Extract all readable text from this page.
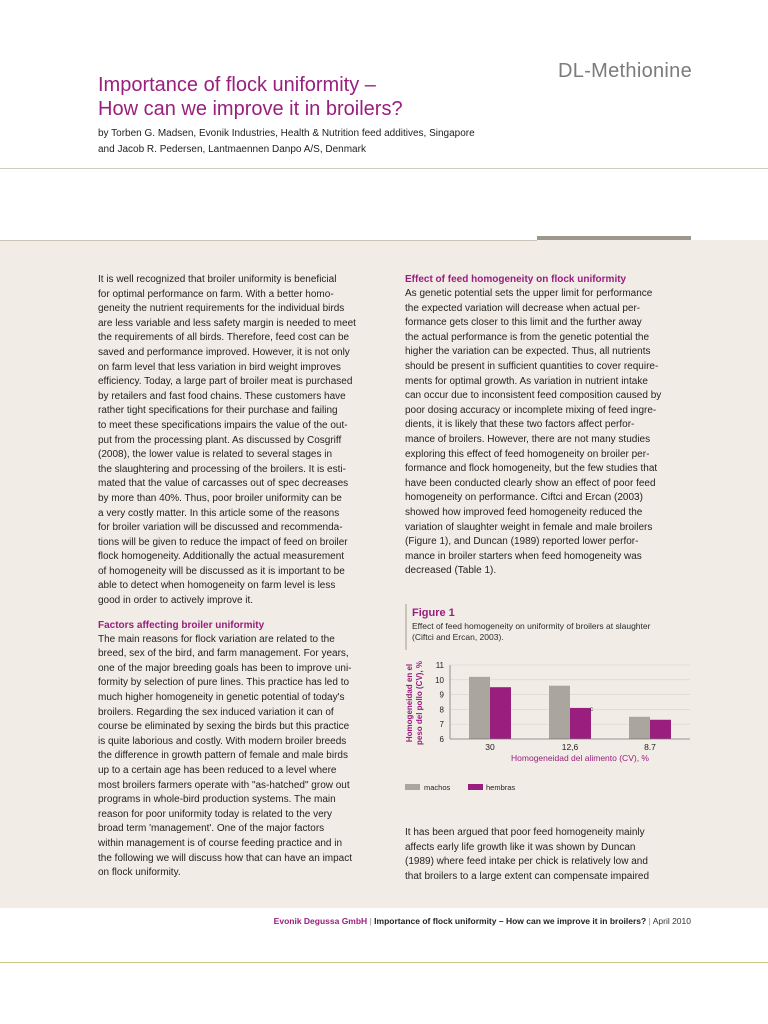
DL-Methionine
Importance of flock uniformity –
How can we improve it in broilers?
by Torben G. Madsen, Evonik Industries, Health & Nutrition feed additives, Singapore
and Jacob R. Pedersen, Lantmaennen Danpo A/S, Denmark
It is well recognized that broiler uniformity is beneficial
for optimal performance on farm. With a better homo-
geneity the nutrient requirements for the individual birds
are less variable and less safety margin is needed to meet
the requirements of all birds. Therefore, feed cost can be
saved and performance improved. However, it is not only
on farm level that less variation in bird weight improves
efficiency. Today, a large part of broiler meat is purchased
by retailers and fast food chains. These customers have
rather tight specifications for their purchase and failing
to meet these specifications impairs the value of the out-
put from the processing plant. As discussed by Cosgriff
(2008), the lower value is related to several stages in
the slaughtering and processing of the broilers. It is esti-
mated that the value of carcasses out of spec decreases
by more than 40%. Thus, poor broiler uniformity can be
a very costly matter. In this article some of the reasons
for broiler variation will be discussed and recommenda-
tions will be given to reduce the impact of feed on broiler
flock homogeneity. Additionally the actual measurement
of homogeneity will be discussed as it is important to be
able to detect when homogeneity on farm level is less
good in order to actively improve it.

Factors affecting broiler uniformity

The main reasons for flock variation are related to the
breed, sex of the bird, and farm management. For years,
one of the major breeding goals has been to improve uni-
formity by selection of pure lines. This practice has led to
much higher homogeneity in genetic potential of today's
broilers. Regarding the sex induced variation it can of
course be eliminated by sexing the birds but this practice
is quite laborious and costly. With modern broiler breeds
the difference in growth pattern of female and male birds
up to a certain age has been reduced to a level where
most broilers farmers operate with "as-hatched" grow out
programs in whole-bird production systems. The main
reason for poor uniformity today is related to the very
broad term 'management'. One of the major factors
within management is of course feeding practice and in
the following we will discuss how that can have an impact
on flock uniformity.

Effect of feed homogeneity on flock uniformity

As genetic potential sets the upper limit for performance
the expected variation will decrease when actual per-
formance gets closer to this limit and the further away
the actual performance is from the genetic potential the
higher the variation can be expected. Thus, all nutrients
should be present in sufficient quantities to cover require-
ments for optimal growth. As variation in nutrient intake
can occur due to inconsistent feed composition caused by
poor dosing accuracy or incomplete mixing of feed ingre-
dients, it is likely that these two factors affect perfor-
mance of broilers. However, there are not many studies
exploring this effect of feed homogeneity on broiler per-
formance and flock homogeneity, but the few studies that
have been conducted clearly show an effect of poor feed
homogeneity on performance. Ciftci and Ercan (2003)
showed how improved feed homogeneity reduced the
variation of slaughter weight in female and male broilers
(Figure 1), and Duncan (1989) reported lower perfor-
mance in broiler starters when feed homogeneity was
decreased (Table 1).
Figure 1
Effect of feed homogeneity on uniformity of broilers at slaughter
(Ciftci and Ercan, 2003).
Homogeneidad en el peso del pollo (CV), % 6
7
8
9
10
11
30	12,6	8.7
c
Homogeneidad del alimento (CV), %
machos	hembras
It has been argued that poor feed homogeneity mainly
affects early life growth like it was shown by Duncan
(1989) where feed intake per chick is relatively low and
that broilers to a large extent can compensate impaired
Evonik Degussa GmbH | Importance of flock uniformity – How can we improve it in broilers? | April 2010
